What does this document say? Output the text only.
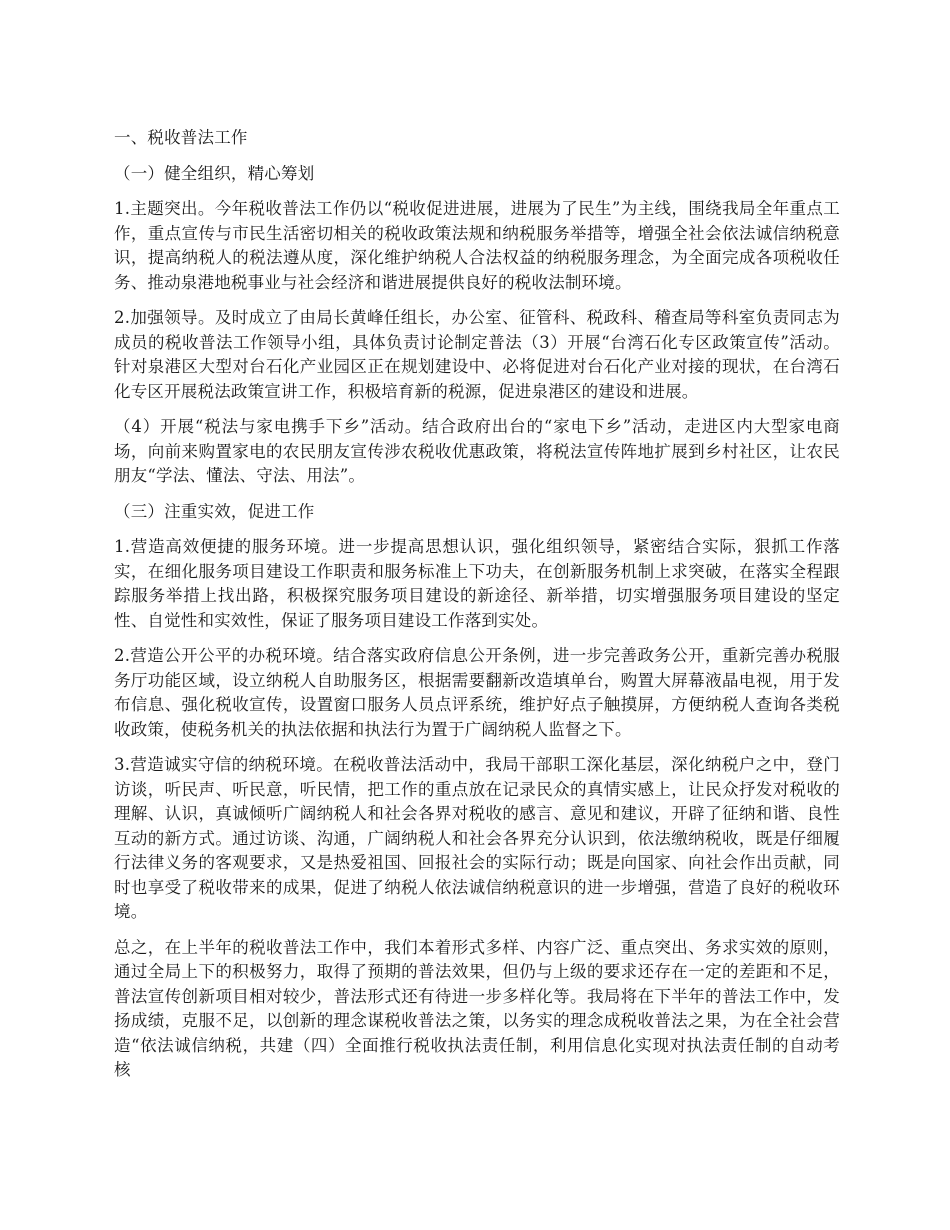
一、税收普法工作

（一）健全组织，精心筹划

1.主题突出。今年税收普法工作仍以“税收促进进展，进展为了民生”为主线，围绕我局全年重点工作，重点宣传与市民生活密切相关的税收政策法规和纳税服务举措等，增强全社会依法诚信纳税意识，提高纳税人的税法遵从度，深化维护纳税人合法权益的纳税服务理念，为全面完成各项税收任务、推动泉港地税事业与社会经济和谐进展提供良好的税收法制环境。

2.加强领导。及时成立了由局长黄峰任组长，办公室、征管科、税政科、稽查局等科室负责同志为成员的税收普法工作领导小组，具体负责讨论制定普法（3）开展“台湾石化专区政策宣传”活动。针对泉港区大型对台石化产业园区正在规划建设中、必将促进对台石化产业对接的现状，在台湾石化专区开展税法政策宣讲工作，积极培育新的税源，促进泉港区的建设和进展。

（4）开展“税法与家电携手下乡”活动。结合政府出台的“家电下乡”活动，走进区内大型家电商场，向前来购置家电的农民朋友宣传涉农税收优惠政策，将税法宣传阵地扩展到乡村社区，让农民朋友“学法、懂法、守法、用法”。

（三）注重实效，促进工作

1.营造高效便捷的服务环境。进一步提高思想认识，强化组织领导，紧密结合实际，狠抓工作落实，在细化服务项目建设工作职责和服务标准上下功夫，在创新服务机制上求突破，在落实全程跟踪服务举措上找出路，积极探究服务项目建设的新途径、新举措，切实增强服务项目建设的坚定性、自觉性和实效性，保证了服务项目建设工作落到实处。

2.营造公开公平的办税环境。结合落实政府信息公开条例，进一步完善政务公开，重新完善办税服务厅功能区域，设立纳税人自助服务区，根据需要翻新改造填单台，购置大屏幕液晶电视，用于发布信息、强化税收宣传，设置窗口服务人员点评系统，维护好点子触摸屏，方便纳税人查询各类税收政策，使税务机关的执法依据和执法行为置于广阔纳税人监督之下。

3.营造诚实守信的纳税环境。在税收普法活动中，我局干部职工深化基层，深化纳税户之中，登门访谈，听民声、听民意，听民情，把工作的重点放在记录民众的真情实感上，让民众抒发对税收的理解、认识，真诚倾听广阔纳税人和社会各界对税收的感言、意见和建议，开辟了征纳和谐、良性互动的新方式。通过访谈、沟通，广阔纳税人和社会各界充分认识到，依法缴纳税收，既是仔细履行法律义务的客观要求，又是热爱祖国、回报社会的实际行动；既是向国家、向社会作出贡献，同时也享受了税收带来的成果，促进了纳税人依法诚信纳税意识的进一步增强，营造了良好的税收环境。

总之，在上半年的税收普法工作中，我们本着形式多样、内容广泛、重点突出、务求实效的原则，通过全局上下的积极努力，取得了预期的普法效果，但仍与上级的要求还存在一定的差距和不足，普法宣传创新项目相对较少，普法形式还有待进一步多样化等。我局将在下半年的普法工作中，发扬成绩，克服不足，以创新的理念谋税收普法之策，以务实的理念成税收普法之果，为在全社会营造“依法诚信纳税，共建（四）全面推行税收执法责任制，利用信息化实现对执法责任制的自动考核
